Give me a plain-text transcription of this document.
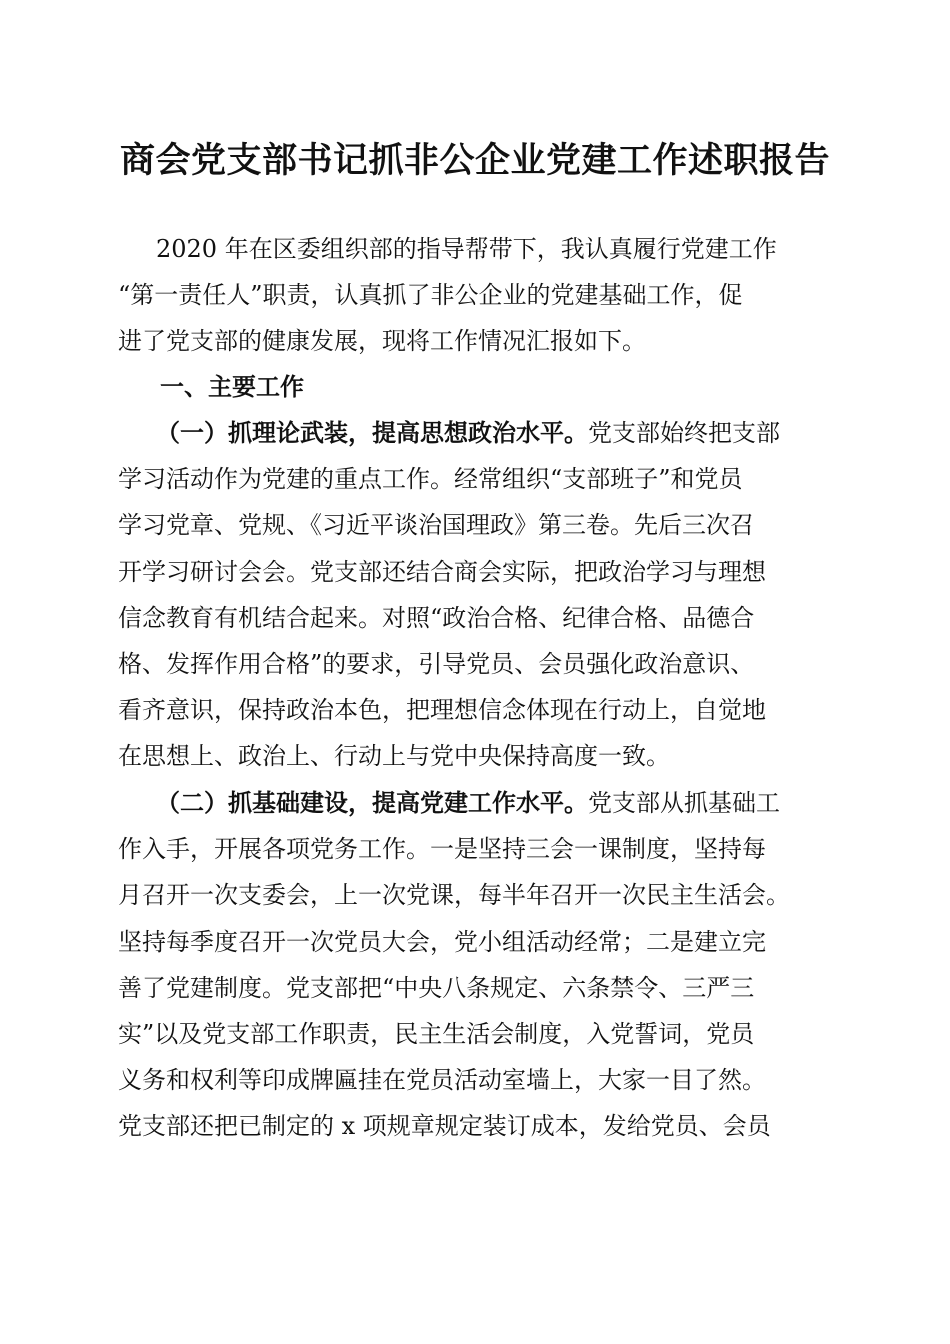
商会党支部书记抓非公企业党建工作述职报告
2020 年在区委组织部的指导帮带下，我认真履行党建工作
“第一责任人”职责，认真抓了非公企业的党建基础工作，促
进了党支部的健康发展，现将工作情况汇报如下。
一、主要工作
（一）抓理论武装，提高思想政治水平。党支部始终把支部
学习活动作为党建的重点工作。经常组织“支部班子”和党员
学习党章、党规、《习近平谈治国理政》第三卷。先后三次召
开学习研讨会会。党支部还结合商会实际，把政治学习与理想
信念教育有机结合起来。对照“政治合格、纪律合格、品德合
格、发挥作用合格”的要求，引导党员、会员强化政治意识、
看齐意识，保持政治本色，把理想信念体现在行动上，自觉地
在思想上、政治上、行动上与党中央保持高度一致。
（二）抓基础建设，提高党建工作水平。党支部从抓基础工
作入手，开展各项党务工作。一是坚持三会一课制度，坚持每
月召开一次支委会，上一次党课，每半年召开一次民主生活会。
坚持每季度召开一次党员大会，党小组活动经常；二是建立完
善了党建制度。党支部把“中央八条规定、六条禁令、三严三
实”以及党支部工作职责，民主生活会制度，入党誓词，党员
义务和权利等印成牌匾挂在党员活动室墙上，大家一目了然。
党支部还把已制定的 x 项规章规定装订成本，发给党员、会员
